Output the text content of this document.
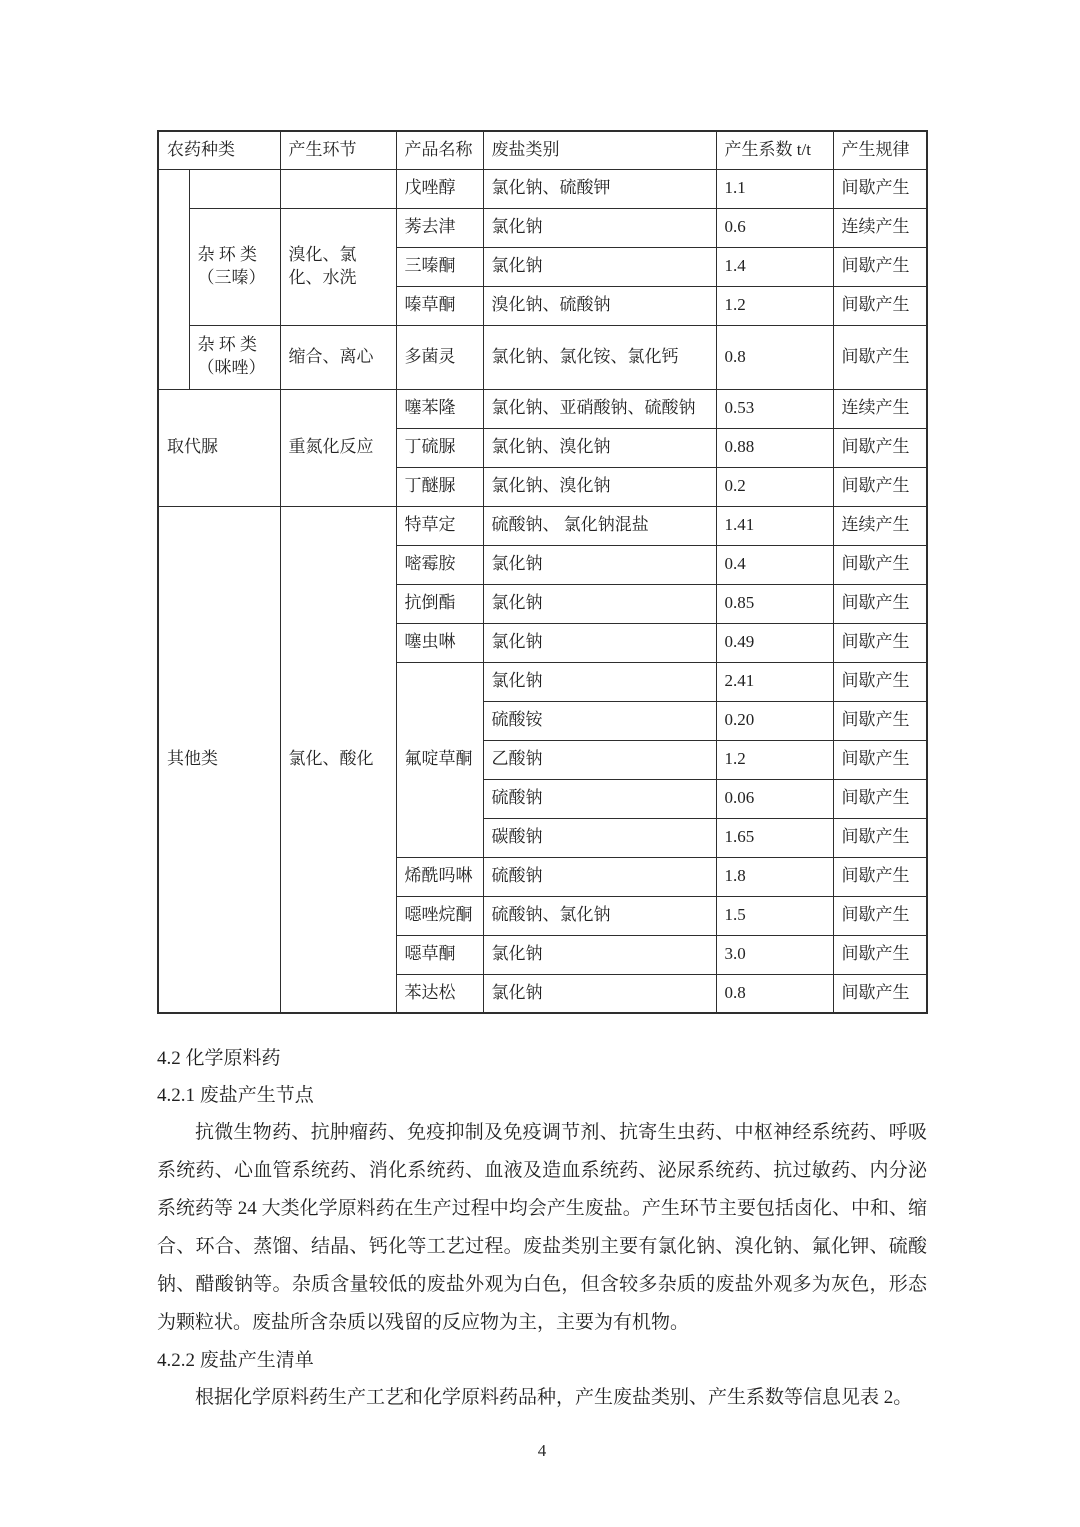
农药种类		产生环节	产品名称	废盐类别	产生系数 t/t	产生规律
			戊唑醇	氯化钠、硫酸钾	1.1	间歇产生
	杂 环 类（三嗪）	溴化、氯化、水洗	莠去津	氯化钠	0.6	连续产生
			三嗪酮	氯化钠	1.4	间歇产生
			嗪草酮	溴化钠、硫酸钠	1.2	间歇产生
	杂 环 类（咪唑）	缩合、离心	多菌灵	氯化钠、氯化铵、氯化钙	0.8	间歇产生
取代脲		重氮化反应	噻苯隆	氯化钠、亚硝酸钠、硫酸钠	0.53	连续产生
			丁硫脲	氯化钠、溴化钠	0.88	间歇产生
			丁醚脲	氯化钠、溴化钠	0.2	间歇产生
其他类		氯化、酸化	特草定	硫酸钠、 氯化钠混盐	1.41	连续产生
			嘧霉胺	氯化钠	0.4	间歇产生
			抗倒酯	氯化钠	0.85	间歇产生
			噻虫啉	氯化钠	0.49	间歇产生
			氟啶草酮	氯化钠	2.41	间歇产生
				硫酸铵	0.20	间歇产生
				乙酸钠	1.2	间歇产生
				硫酸钠	0.06	间歇产生
				碳酸钠	1.65	间歇产生
			烯酰吗啉	硫酸钠	1.8	间歇产生
			噁唑烷酮	硫酸钠、氯化钠	1.5	间歇产生
			噁草酮	氯化钠	3.0	间歇产生
			苯达松	氯化钠	0.8	间歇产生
4.2 化学原料药
4.2.1 废盐产生节点

抗微生物药、抗肿瘤药、免疫抑制及免疫调节剂、抗寄生虫药、中枢神经系统药、呼吸系统药、心血管系统药、消化系统药、血液及造血系统药、泌尿系统药、抗过敏药、内分泌系统药等 24 大类化学原料药在生产过程中均会产生废盐。产生环节主要包括卤化、中和、缩合、环合、蒸馏、结晶、钙化等工艺过程。废盐类别主要有氯化钠、溴化钠、氟化钾、硫酸钠、醋酸钠等。杂质含量较低的废盐外观为白色，但含较多杂质的废盐外观多为灰色，形态为颗粒状。废盐所含杂质以残留的反应物为主，主要为有机物。

4.2.2 废盐产生清单

根据化学原料药生产工艺和化学原料药品种，产生废盐类别、产生系数等信息见表 2。

4
